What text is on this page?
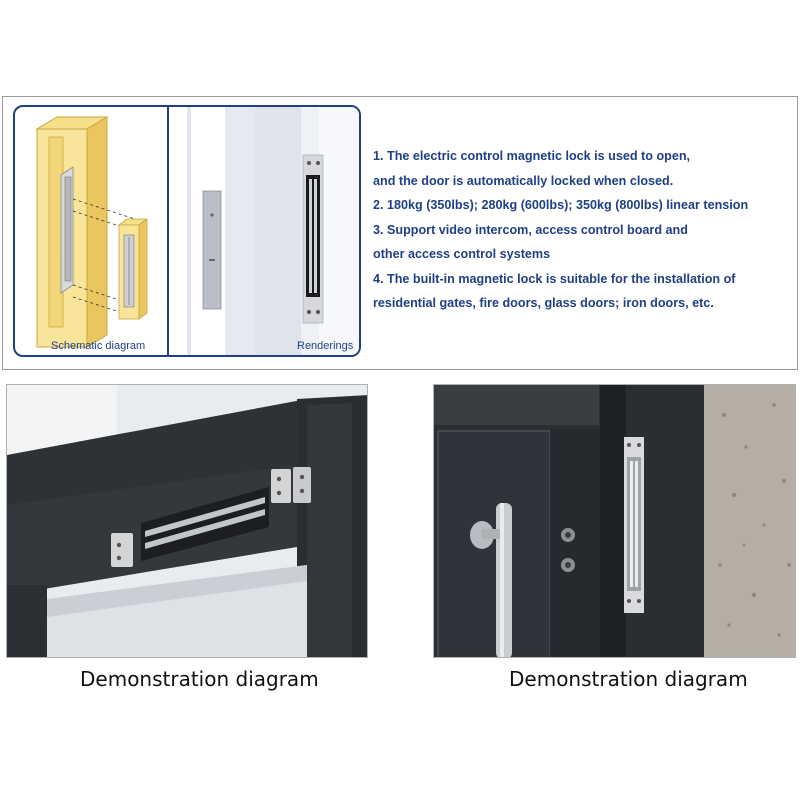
Schematic diagram	Renderings
1. The electric control magnetic lock is used to open,
and the door is automatically locked when closed.
2. 180kg (350lbs); 280kg (600lbs); 350kg (800lbs) linear tension
3. Support video intercom, access control board and
other access control systems
4. The built-in magnetic lock is suitable for the installation of
residential gates, fire doors, glass doors; iron doors, etc.
Demonstration diagram	Demonstration diagram
